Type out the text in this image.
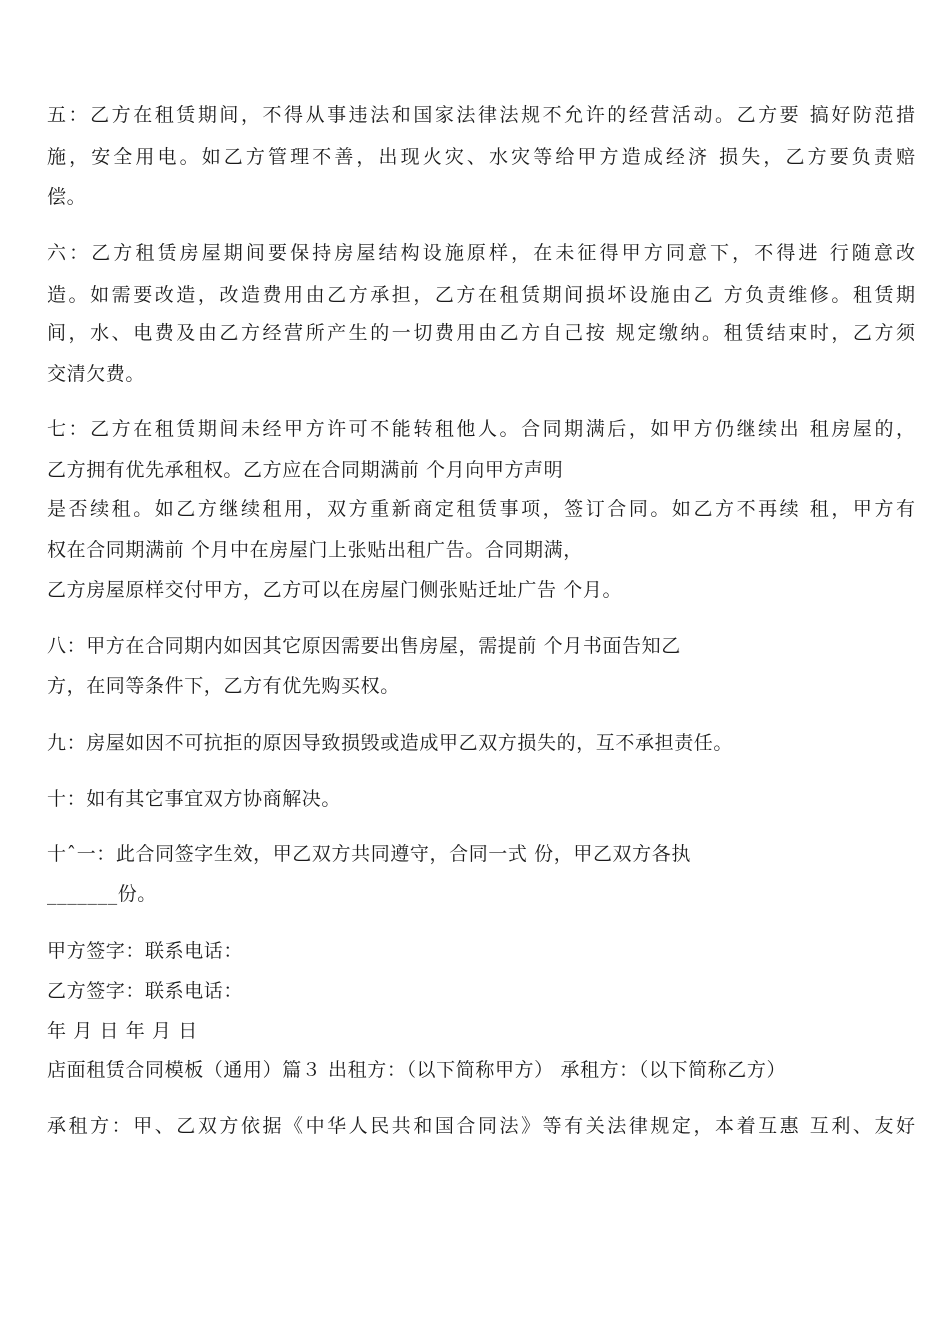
五：乙方在租赁期间，不得从事违法和国家法律法规不允许的经营活动。乙方要 搞好防范措
施，安全用电。如乙方管理不善，出现火灾、水灾等给甲方造成经济 损失，乙方要负责赔
偿。
六：乙方租赁房屋期间要保持房屋结构设施原样，在未征得甲方同意下，不得进 行随意改
造。如需要改造，改造费用由乙方承担，乙方在租赁期间损坏设施由乙 方负责维修。租赁期
间，水、电费及由乙方经营所产生的一切费用由乙方自己按 规定缴纳。租赁结束时，乙方须
交清欠费。
七：乙方在租赁期间未经甲方许可不能转租他人。合同期满后，如甲方仍继续出 租房屋的，
乙方拥有优先承租权。乙方应在合同期满前 个月向甲方声明
是否续租。如乙方继续租用，双方重新商定租赁事项，签订合同。如乙方不再续 租，甲方有
权在合同期满前 个月中在房屋门上张贴出租广告。合同期满，
乙方房屋原样交付甲方，乙方可以在房屋门侧张贴迁址广告 个月。
八：甲方在合同期内如因其它原因需要出售房屋，需提前 个月书面告知乙
方，在同等条件下，乙方有优先购买权。
九：房屋如因不可抗拒的原因导致损毁或造成甲乙双方损失的，互不承担责任。
十：如有其它事宜双方协商解决。
十ˆ一：此合同签字生效，甲乙双方共同遵守，合同一式 份，甲乙双方各执
_______份。
甲方签字：联系电话：
乙方签字：联系电话：
年 月 日 年 月 日
店面租赁合同模板（通用）篇３ 出租方：（以下简称甲方） 承租方：（以下简称乙方）
承租方：甲、乙双方依据《中华人民共和国合同法》等有关法律规定，本着互惠 互利、友好
